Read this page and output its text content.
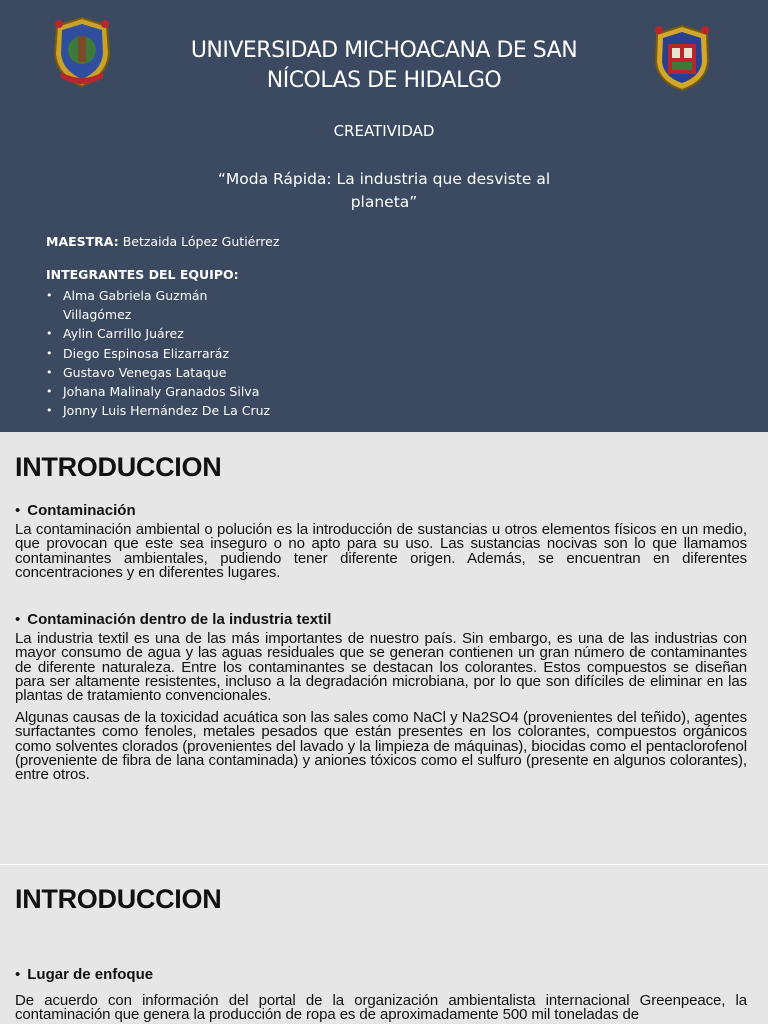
UNIVERSIDAD MICHOACANA DE SAN NÍCOLAS DE HIDALGO
CREATIVIDAD
“Moda Rápida: La industria que desviste al planeta”
MAESTRA: Betzaida López Gutiérrez
INTEGRANTES DEL EQUIPO:
• Alma Gabriela Guzmán Villagómez
• Aylin Carrillo Juárez
• Diego Espinosa Elizarraráz
• Gustavo Venegas Lataque
• Johana Malinaly Granados Silva
• Jonny Luis Hernández De La Cruz
INTRODUCCION
• Contaminación

La contaminación ambiental o polución es la introducción de sustancias u otros elementos físicos en un medio, que provocan que este sea inseguro o no apto para su uso. Las sustancias nocivas son lo que llamamos contaminantes ambientales, pudiendo tener diferente origen. Además, se encuentran en diferentes concentraciones y en diferentes lugares.

• Contaminación dentro de la industria textil

La industria textil es una de las más importantes de nuestro país. Sin embargo, es una de las industrias con mayor consumo de agua y las aguas residuales que se generan contienen un gran número de contaminantes de diferente naturaleza. Entre los contaminantes se destacan los colorantes. Estos compuestos se diseñan para ser altamente resistentes, incluso a la degradación microbiana, por lo que son difíciles de eliminar en las plantas de tratamiento convencionales.

Algunas causas de la toxicidad acuática son las sales como NaCl y Na2SO4 (provenientes del teñido), agentes surfactantes como fenoles, metales pesados que están presentes en los colorantes, compuestos orgánicos como solventes clorados (provenientes del lavado y la limpieza de máquinas), biocidas como el pentaclorofenol (proveniente de fibra de lana contaminada) y aniones tóxicos como el sulfuro (presente en algunos colorantes), entre otros.

INTRODUCCION
• Lugar de enfoque

De acuerdo con información del portal de la organización ambientalista internacional Greenpeace, la contaminación que genera la producción de ropa es de aproximadamente 500 mil toneladas de
